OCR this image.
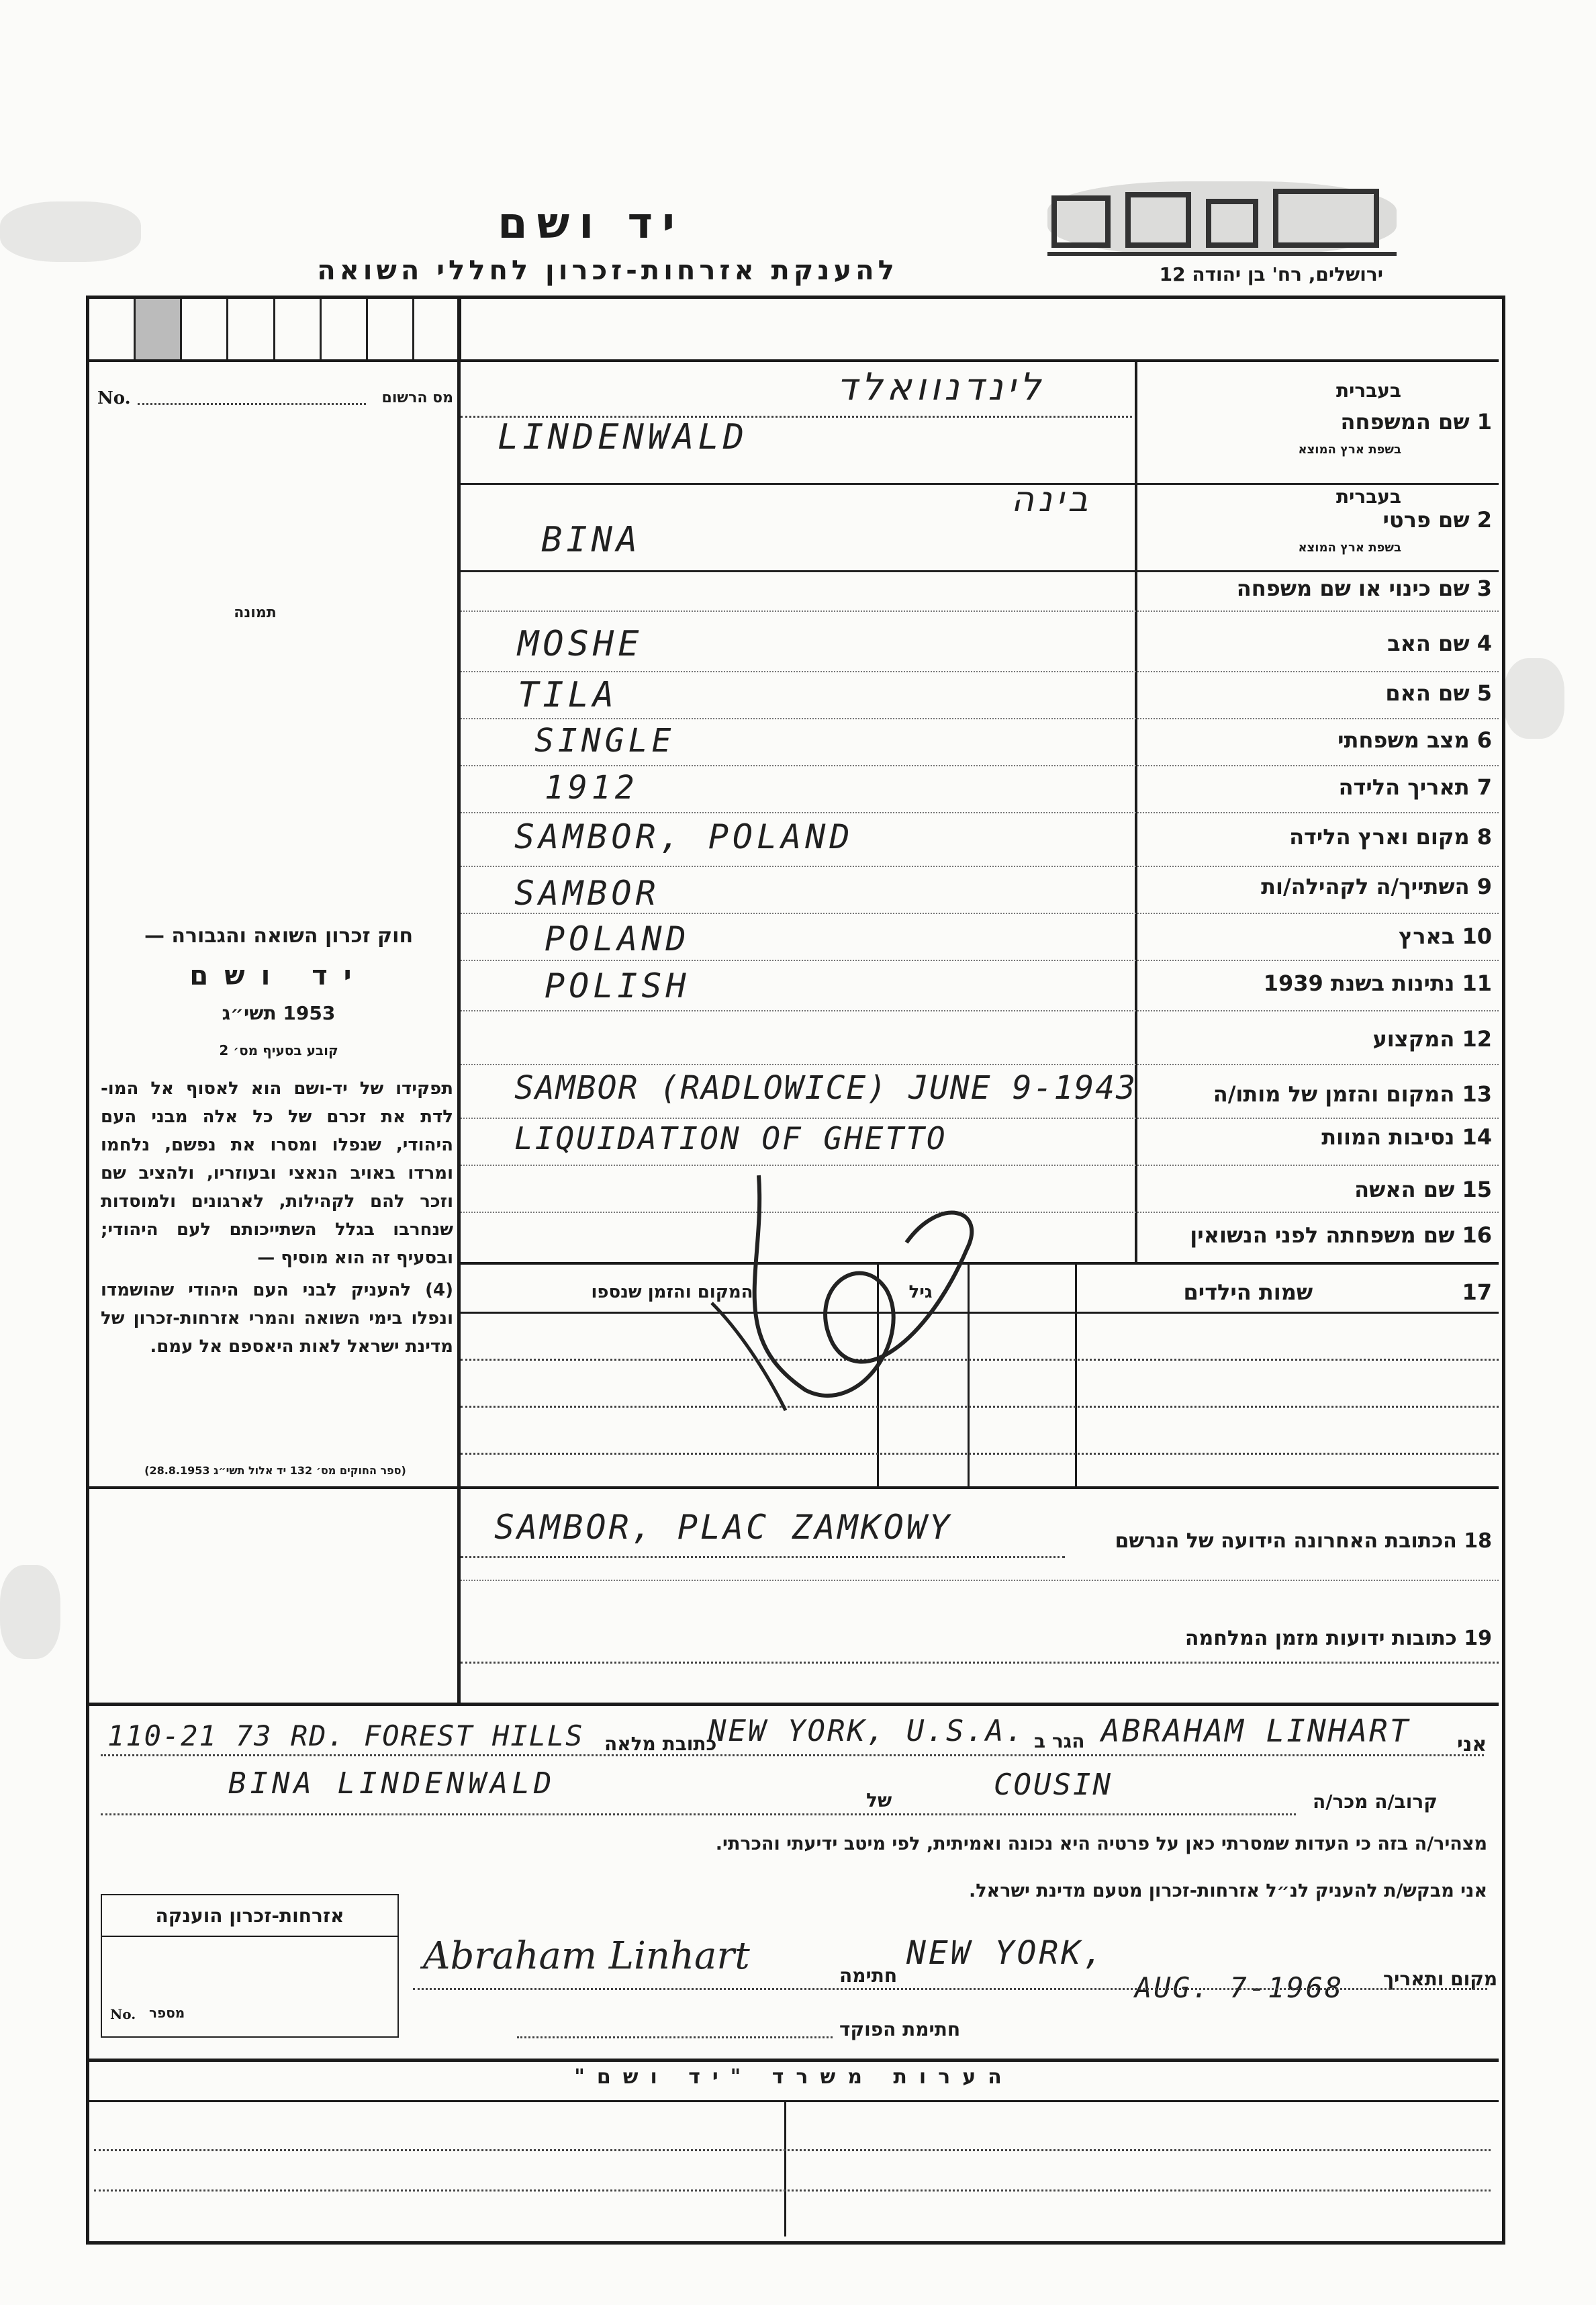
יד ושם
להענקת אזרחות-זכרון לחללי השואה	ירושלים, רח' בן יהודה 12
No.	מס הרשום
תמונה
חוק זכרון השואה והגבורה —
יד ושם
1953 תשי״ג
קובע בסעיף מס׳ 2

תפקידו של יד-ושם הוא לאסוף אל המו- לדת את זכרם של כל אלה מבני העם היהודי, שנפלו ומסרו את נפשם, נלחמו ומרדו באויב הנאצי ובעוזריו, ולהציב שם וזכר להם לקהילות, לארגונים ולמוסדות שנחרבו בגלל השתייכותם לעם היהודי; ובסעיף זה הוא מוסיף —

(4) להעניק לבני העם היהודי שהושמדו ונפלו בימי השואה והמרי אזרחות-זכרון של מדינת ישראל לאות היאספם אל עמם.

(ספר החוקים מס׳ 132 יד אלול תשי״ג 28.8.1953)
לינדנוואלד
LINDENWALD
בעברית
1 שם המשפחה
בשפת ארץ המוצא
בינה
BINA
בעברית
2 שם פרטי
בשפת ארץ המוצא
3 שם כינוי או שם משפחה
MOSHE	4 שם האב
TILA	5 שם האם
SINGLE	6 מצב משפחתי
1912	7 תאריך הלידה
SAMBOR, POLAND	8 מקום וארץ הלידה
SAMBOR	9 השתייך/ה לקהילה/ות
POLAND	10 בארץ
POLISH	11 נתינות בשנת 1939
12 המקצוע
SAMBOR (RADLOWICE) JUNE 9-1943	13 המקום והזמן של מותו/ה
LIQUIDATION OF GHETTO	14 נסיבות המוות
15 שם האשה
16 שם משפחתה לפני הנשואין
17  שמות הילדים
המקום והזמן שנספו	גיל
SAMBOR, PLAC ZAMKOWY	18 הכתובת האחרונה הידועה של הנרשם
19 כתובות ידועות מזמן המלחמה
אני
ABRAHAM LINHART
הגר ב
NEW YORK, U.S.A.
כתובת מלאה
110-21 73 RD. FOREST HILLS
BINA LINDENWALD	של	COUSIN	קרוב/ה מכר/ה
מצהיר/ה בזה כי העדות שמסרתי כאן על פרטיה היא נכונה ואמיתית, לפי מיטב ידיעתי והכרתי.
אני מבקש/ת להעניק לנ״ל אזרחות-זכרון מטעם מדינת ישראל.
מקום ותאריך
NEW YORK,
AUG. 7-1968
חתימה
Abraham Linhart
חתימת הפוקד
אזרחות-זכרון הוענקה
No. מספר
הערות משרד "יד ושם"
